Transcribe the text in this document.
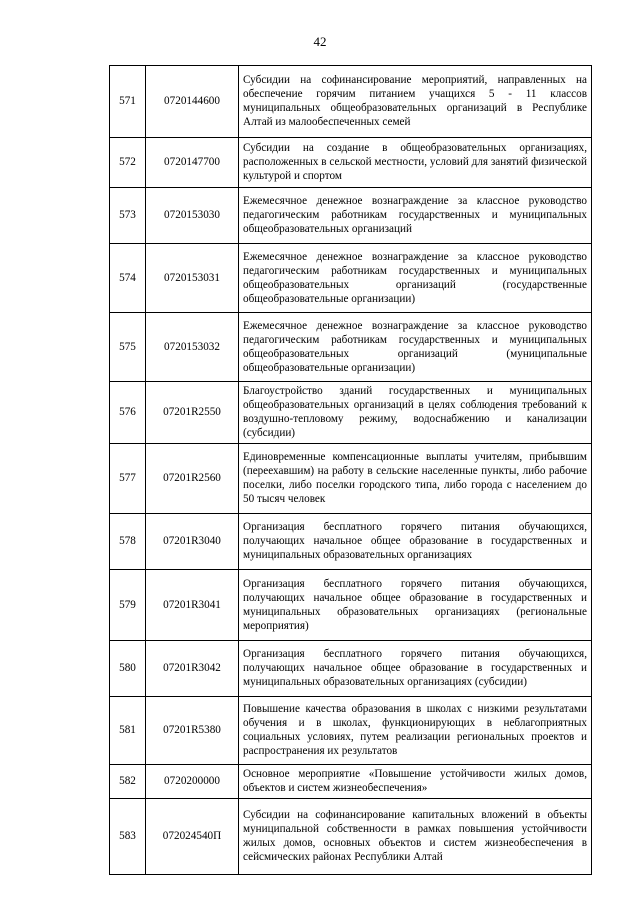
42
571	0720144600	Субсидии на софинансирование мероприятий, направленных на обеспечение горячим питанием учащихся 5 - 11 классов муниципальных общеобразовательных организаций в Республике Алтай из малообеспеченных семей
572	0720147700	Субсидии на создание в общеобразовательных организациях, расположенных в сельской местности, условий для занятий физической культурой и спортом
573	0720153030	Ежемесячное денежное вознаграждение за классное руководство педагогическим работникам государственных и муниципальных общеобразовательных организаций
574	0720153031	Ежемесячное денежное вознаграждение за классное руководство педагогическим работникам государственных и муниципальных общеобразовательных организаций (государственные общеобразовательные организации)
575	0720153032	Ежемесячное денежное вознаграждение за классное руководство педагогическим работникам государственных и муниципальных общеобразовательных организаций (муниципальные общеобразовательные организации)
576	07201R2550	Благоустройство зданий государственных и муниципальных общеобразовательных организаций в целях соблюдения требований к воздушно-тепловому режиму, водоснабжению и канализации (субсидии)
577	07201R2560	Единовременные компенсационные выплаты учителям, прибывшим (переехавшим) на работу в сельские населенные пункты, либо рабочие поселки, либо поселки городского типа, либо города с населением до 50 тысяч человек
578	07201R3040	Организация бесплатного горячего питания обучающихся, получающих начальное общее образование в государственных и муниципальных образовательных организациях
579	07201R3041	Организация бесплатного горячего питания обучающихся, получающих начальное общее образование в государственных и муниципальных образовательных организациях (региональные мероприятия)
580	07201R3042	Организация бесплатного горячего питания обучающихся, получающих начальное общее образование в государственных и муниципальных образовательных организациях (субсидии)
581	07201R5380	Повышение качества образования в школах с низкими результатами обучения и в школах, функционирующих в неблагоприятных социальных условиях, путем реализации региональных проектов и распространения их результатов
582	0720200000	Основное мероприятие «Повышение устойчивости жилых домов, объектов и систем жизнеобеспечения»
583	072024540П	Субсидии на софинансирование капитальных вложений в объекты муниципальной собственности в рамках повышения устойчивости жилых домов, основных объектов и систем жизнеобеспечения в сейсмических районах Республики Алтай
